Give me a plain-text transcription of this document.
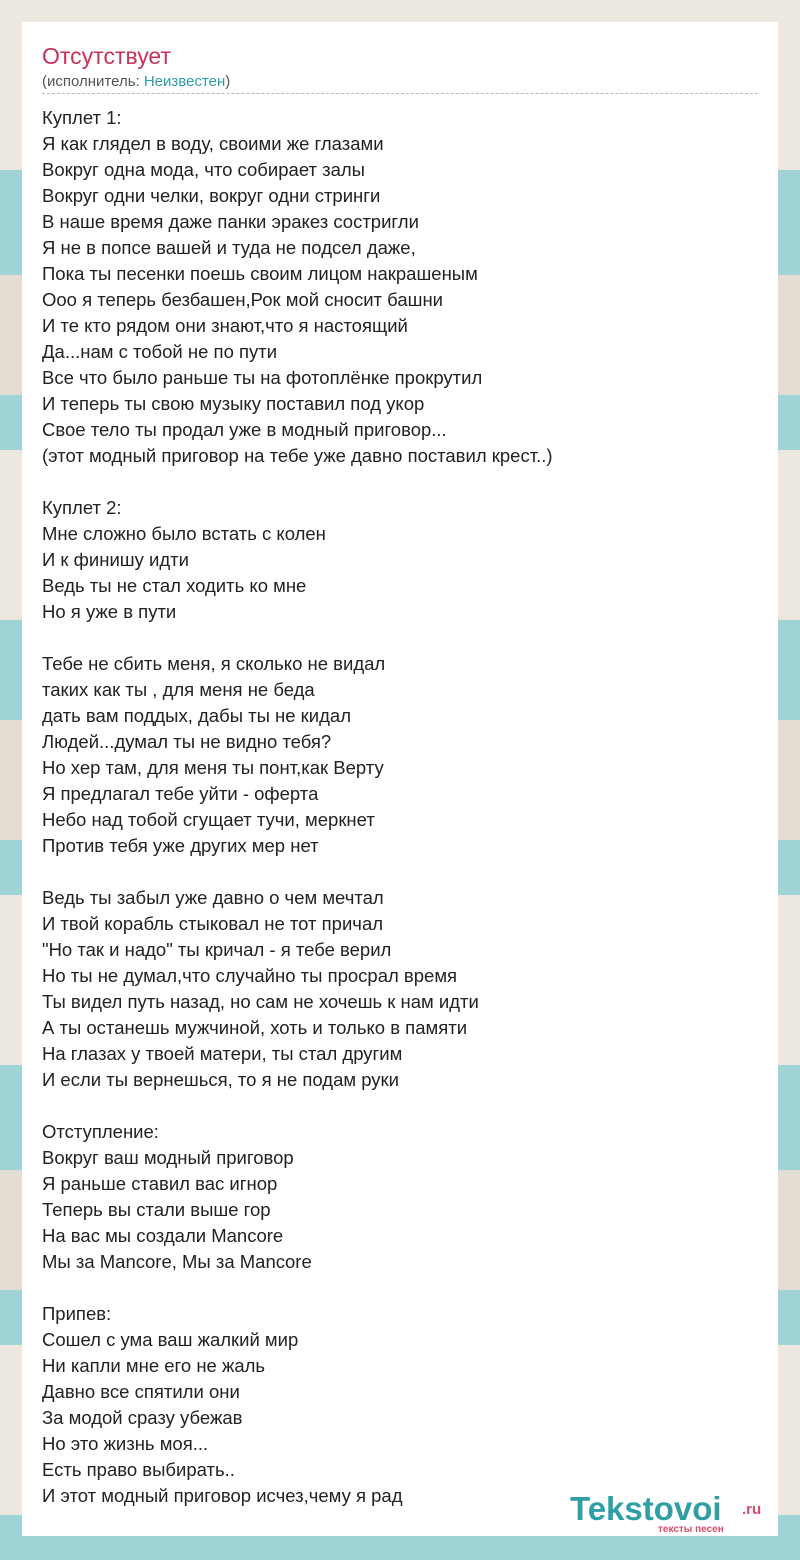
Отсутствует
(исполнитель: Неизвестен)
Куплет 1:
Я как глядел в воду, своими же глазами
Вокруг одна мода, что собирает залы
Вокруг одни челки, вокруг одни стринги
В наше время даже панки эракез состригли
Я не в попсе вашей и туда не подсел даже,
Пока ты песенки поешь своим лицом накрашеным
Ооо я теперь безбашен,Рок мой сносит башни
И те кто рядом они знают,что я настоящий
Да...нам с тобой не по пути
Все что было раньше ты на фотоплёнке прокрутил
И теперь ты свою музыку поставил под укор
Свое тело ты продал уже в модный приговор...
(этот модный приговор на тебе уже давно поставил крест..)
Куплет 2:
Мне сложно было встать с колен
И к финишу идти
Ведь ты не стал ходить ко мне
Но я уже в пути
Тебе не сбить меня, я сколько не видал
таких как ты , для меня не беда
дать вам поддых, дабы ты не кидал
Людей...думал ты не видно тебя?
Но хер там, для меня ты понт,как Верту
Я предлагал тебе уйти - оферта
Небо над тобой сгущает тучи, меркнет
Против тебя уже других мер нет
Ведь ты забыл уже давно о чем мечтал
И твой корабль стыковал не тот причал
"Но так и надо" ты кричал - я тебе верил
Но ты не думал,что случайно ты просрал время
Ты видел путь назад, но сам не хочешь к нам идти
А ты останешь мужчиной, хоть и только в памяти
На глазах у твоей матери, ты стал другим
И если ты вернешься, то я не подам руки
Отступление:
Вокруг ваш модный приговор
Я раньше ставил вас игнор
Теперь вы стали выше гор
На вас мы создали Mancore
Мы за Mancore, Мы за Mancore
Припев:
Сошел с ума ваш жалкий мир
Ни капли мне его не жаль
Давно все спятили они
За модой сразу убежав
Но это жизнь моя...
Есть право выбирать..
И этот модный приговор исчез,чему я рад	Tekstovoi .ru
тексты песен
